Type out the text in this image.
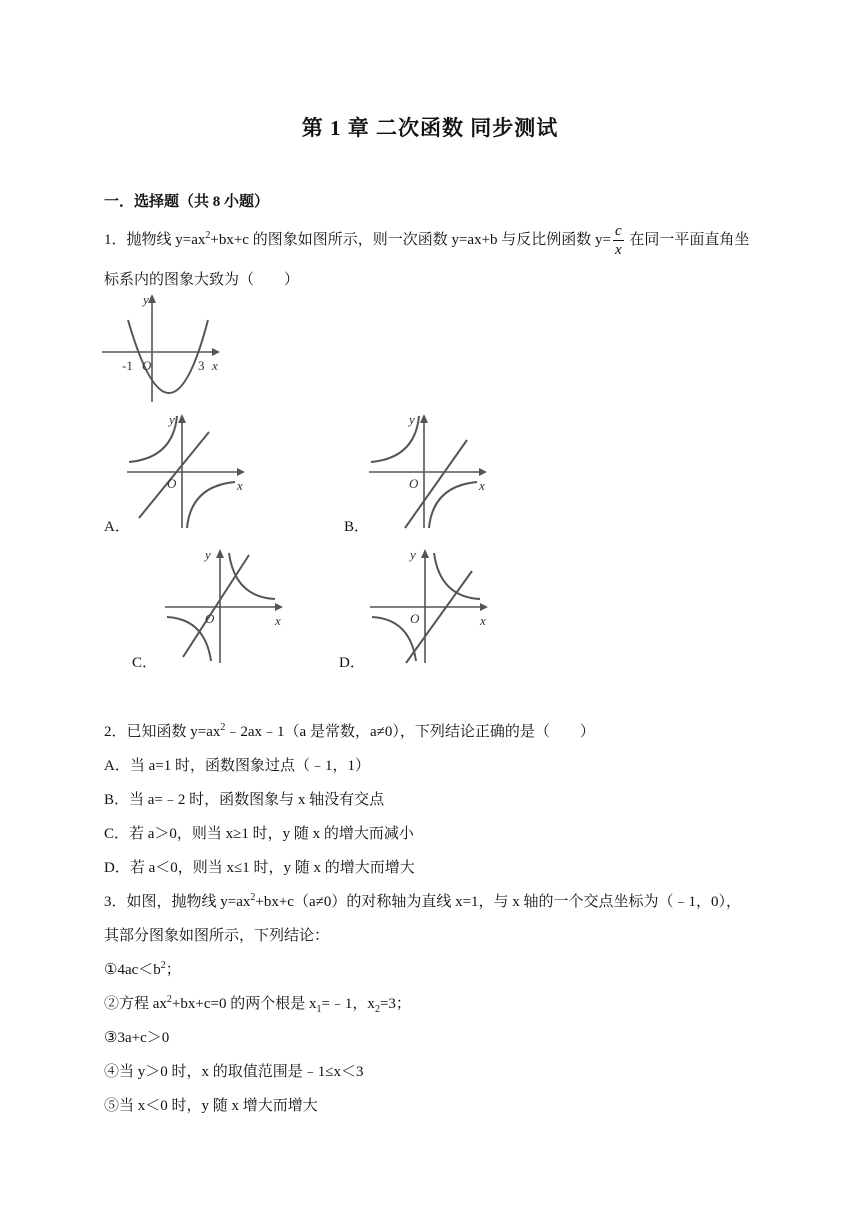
第 1 章 二次函数 同步测试
一．选择题（共 8 小题）
1．抛物线 $y=ax^2+bx+c$ 的图象如图所示，则一次函数 y=ax+b 与反比例函数 $y= \frac{c}{x}$ 在同一平面直角坐
标系内的图象大致为（　　）
y
x
O
-1	3
A．
y
x
O
B．
y
x
O
C．
y
x
O
D．
y
x
O
2．已知函数 $y=ax^2﹣2ax﹣1(a$ 是常数，a≠0），下列结论正确的是（　　）
A．当 a=1 时，函数图象过点（﹣1，1）
B．当 a=﹣2 时，函数图象与 x 轴没有交点
C．若 a＞0，则当 x≥1 时，y 随 x 的增大而减小
D．若 a＜0，则当 x≤1 时，y 随 x 的增大而增大
3．如图，抛物线 $y=ax^2+bx+c(a\ne 0)$的对称轴为直线 x=1，与 x 轴的一个交点坐标为（﹣1，0），
其部分图象如图所示，下列结论：
$①4ac<b^2$；
②方程 $ax^2+bx+c=0$ 的两个根是 $x_1=﹣1$，$x_2=3$；
③3a+c＞0
④当 y＞0 时，x 的取值范围是﹣1≤x＜3
⑤当 x＜0 时，y 随 x 增大而增大
